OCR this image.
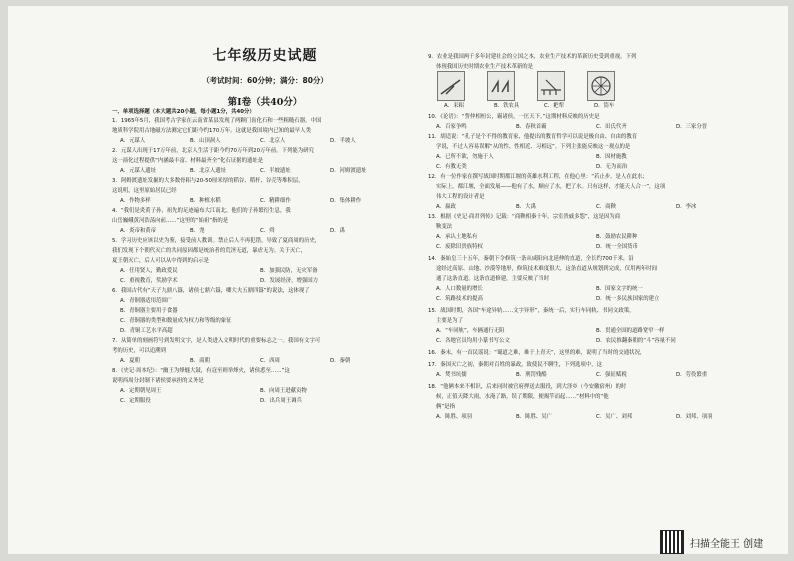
七年级历史试题
（考试时间：60分钟；满分：80分）
第Ⅰ卷（共40分）
一、单项选择题（本大题共20小题，每小题1分，共40分）
1．1965年5月，我国考古学家在云南省某县发现了两颗门齿化石和一些粗糙石器，中国
地质科学院用古地磁方法测定它们距今约170万年。这就是我国境内已知的最早人类
A．元谋人	B．山顶洞人	C．北京人	D．半坡人
2．元谋人出现于17万年前，北京人生活于距今约70万年到20万年前。下列能为研究
这一演化过程提供“内涵最丰富、材料最齐全”化石证据的遗址是
A．元谋人遗址	B．北京人遗址	C．半坡遗址	D．河姆渡遗址
3．阿姆渡遗址发掘的大多数骨耜与20-50厘米厚的稻谷、稻杆、谷壳等堆积层，
这说明，这里原始居民已经
A．作物多样	B．种植水稻	C．精耕细作	D．集体耕作
4．“我们是炎黄子孙，祖先的足迹遍布大江南北，他们的子孙繁衍生息，我
山岳巍峨黄河浩荡向前……”这里的“始祖”指的是
A．炎帝和黄帝	B．尧	C．舜	D．禹
5．学习历史应该以史为鉴，接受前人教训。禁止后人不再犯错。导致了夏商周的历史，
我们发现下个朝代灭亡的共同原因都是统治者的荒淫无道，暴虐无为。关于灭亡，
夏王朝灭亡，后人可以从中得到的启示是
A．任用贤人，勤政爱民	B．加强民防，无灾军备
C．重视教育，奖励学术	D．发展经济，增强国力
6．我国古代有“天子九鼎八簋，诸侯七鼎六簋，卿大夫五鼎四簋”的说法，这体现了
A．青铜器适用范围广
B．青铜器主要用于食器
C．青铜器的类型和数量成为权力和等级的象征
D．青铜工艺水平高超
7．从简单的刻画符号到发明文字，是人类进入文明时代的重要标志之一。我国有文字可
考的历史，可以追溯到
A．夏朝	B．商朝	C．西周	D．秦朝
8．《史记·周本纪》：“幽王为烽燧大鼓，有寇至则举烽火，诸侯悉至……”这
说明西周分封制下诸侯要承担的义务是
A．定期朝见周王	B．向周王进献贡物
C．定期服役	D．出兵周王调兵
9．农业是我国两千多年封建社会的立国之本，农业生产技术的革新历史受到重视。下列
体现我国历史时期农业生产技术革新的是
A．耒耜	B．铁农具	C．耙犁	D．筒车
10．《论语》：“誓仲相桓公，霸诸侯，一匡天下，”这期材料反映的历史是
A．百家争鸣	B．春秋首霸	C．田氏代齐	D．三家分晋
11．胡适说：“孔子是个不得的教育家，他提出的教育哲学可以说是极自由、自由的教育
学说，不过人容易误解“从的性、性相近、习相远”。下列主张能反映这一观点的是
A．已所不欲，勿施于人	B．因材施教
C．有教无类	D．无为而治
12．有一位作家在撰写战国时期都江堰的英雄水利工程，在他心里：“若止步，是人在此水；
实际上，都江堰，全面发展——他有了水，顺应了水，把了水。只有这样，才能天人合一”，这项
伟大工程的设计者是
A．嬴政	B．大禹	C．商鞅	D．李冰
13．根据《史记·商君列传》记载：“商鞅相秦十年，宗室贵戚多怨”，这是因为商
鞅变法
A．承认土地私有	B．鼓励农民耕种
C．废除旧贵族特权	D．统一全国货币
14．秦始皇三十五年，秦朝下令修筑一条从咸阳向北延伸的直道，全长约700千米，沿
途经过高原、山地、沙漠等地形，修筑技术难度很大，这条直道从规划到完成，仅用两年时间
通了这条直道。这条直道修建，主要反映了当时
A．人口数量的增长	B．国家文字的统一
C．筑路技术的提高	D．统一多民族国家的建立
15．战国时期，各国“车途异轨……文字异形”，秦统一后，实行车同轨、书同文政策，
主要是为了
A．“车同轨”，车辆通行无阻	B．贯通全国的道路宽窄一样
C．各地官员均用小篆书写公文	D．农民推翻秦朝的“斗”容量不同
16．秦末，有一首民谣说：“蜀道之难，难于上青天”，这里的难，说明了当时的交通状况，
17．秦国灭亡之初，秦朝对百姓的暴政，致使民不聊生，下列选项中，这
A．焚书坑儒	B．刑罚残酷	C．强征赋税	D．劳役繁重
18．“他俩本来不相识，后来同时被官府押送去服役，到大泽乡（今安徽宿州）的时
候，正值天降大雨，水淹了路，误了期限，便揭竿而起……”材料中的“他
俩”是指
A．陈胜、项羽	B．陈胜、吴广	C．吴广、刘邦	D．刘邦、项羽
扫描全能王 创建
